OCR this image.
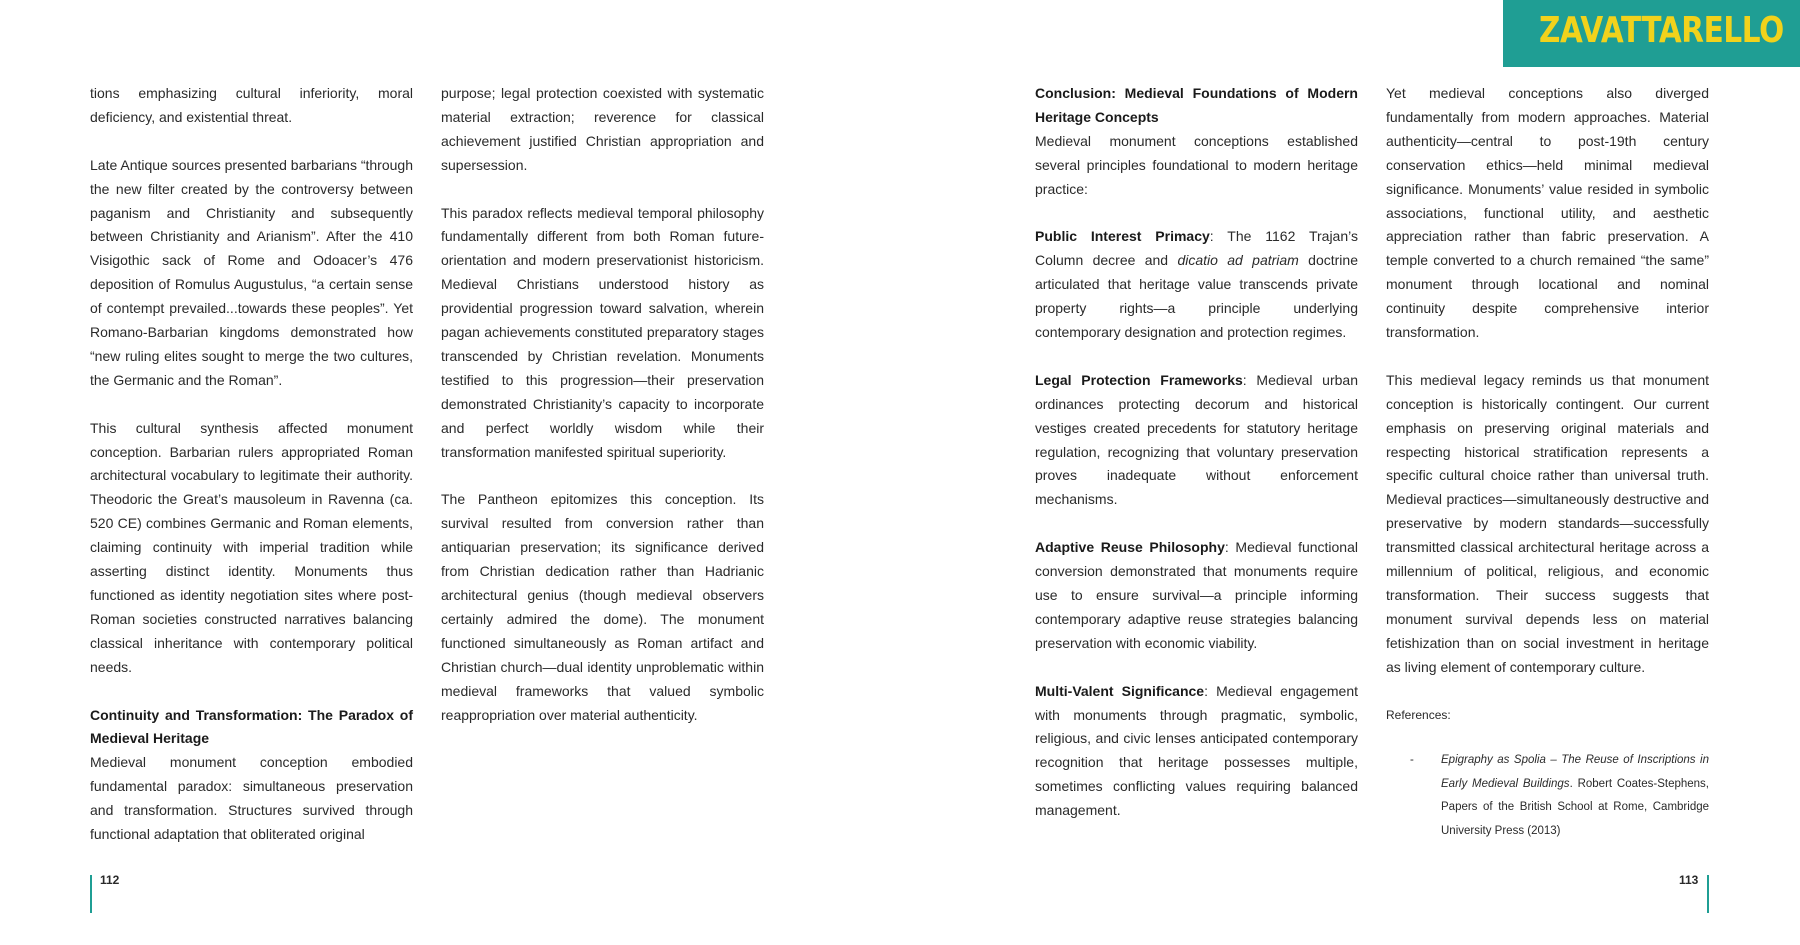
ZAVATTARELLO

tions emphasizing cultural inferiority, moral deficiency, and existential threat.

Late Antique sources presented barbarians “through the new filter created by the controversy between paganism and Christianity and subsequently between Christianity and Arianism”. After the 410 Visigothic sack of Rome and Odoacer’s 476 deposition of Romulus Augustulus, “a certain sense of contempt prevailed...towards these peoples”. Yet Romano-Barbarian kingdoms demonstrated how “new ruling elites sought to merge the two cultures, the Germanic and the Roman”.

This cultural synthesis affected monument conception. Barbarian rulers appropriated Roman architectural vocabulary to legitimate their authority. Theodoric the Great’s mausoleum in Ravenna (ca. 520 CE) combines Germanic and Roman elements, claiming continuity with imperial tradition while asserting distinct identity. Monuments thus functioned as identity negotiation sites where post-Roman societies constructed narratives balancing classical inheritance with contemporary political needs.

Continuity and Transformation: The Paradox of Medieval Heritage

Medieval monument conception embodied fundamental paradox: simultaneous preservation and transformation. Structures survived through functional adaptation that obliterated original

purpose; legal protection coexisted with systematic material extraction; reverence for classical achievement justified Christian appropriation and supersession.

This paradox reflects medieval temporal philosophy fundamentally different from both Roman future-orientation and modern preservationist historicism. Medieval Christians understood history as providential progression toward salvation, wherein pagan achievements constituted preparatory stages transcended by Christian revelation. Monuments testified to this progression—their preservation demonstrated Christianity’s capacity to incorporate and perfect worldly wisdom while their transformation manifested spiritual superiority.

The Pantheon epitomizes this conception. Its survival resulted from conversion rather than antiquarian preservation; its significance derived from Christian dedication rather than Hadrianic architectural genius (though medieval observers certainly admired the dome). The monument functioned simultaneously as Roman artifact and Christian church—dual identity unproblematic within medieval frameworks that valued symbolic reappropriation over material authenticity.

Conclusion: Medieval Foundations of Modern Heritage Concepts

Medieval monument conceptions established several principles foundational to modern heritage practice:

Public Interest Primacy: The 1162 Trajan’s Column decree and dicatio ad patriam doctrine articulated that heritage value transcends private property rights—a principle underlying contemporary designation and protection regimes.

Legal Protection Frameworks: Medieval urban ordinances protecting decorum and historical vestiges created precedents for statutory heritage regulation, recognizing that voluntary preservation proves inadequate without enforcement mechanisms.

Adaptive Reuse Philosophy: Medieval functional conversion demonstrated that monuments require use to ensure survival—a principle informing contemporary adaptive reuse strategies balancing preservation with economic viability.

Multi-Valent Significance: Medieval engagement with monuments through pragmatic, symbolic, religious, and civic lenses anticipated contemporary recognition that heritage possesses multiple, sometimes conflicting values requiring balanced management.

Yet medieval conceptions also diverged fundamentally from modern approaches. Material authenticity—central to post-19th century conservation ethics—held minimal medieval significance. Monuments’ value resided in symbolic associations, functional utility, and aesthetic appreciation rather than fabric preservation. A temple converted to a church remained “the same” monument through locational and nominal continuity despite comprehensive interior transformation.

This medieval legacy reminds us that monument conception is historically contingent. Our current emphasis on preserving original materials and respecting historical stratification represents a specific cultural choice rather than universal truth. Medieval practices—simultaneously destructive and preservative by modern standards—successfully transmitted classical architectural heritage across a millennium of political, religious, and economic transformation. Their success suggests that monument survival depends less on material fetishization than on social investment in heritage as living element of contemporary culture.

References:

- Epigraphy as Spolia – The Reuse of Inscriptions in Early Medieval Buildings. Robert Coates-Stephens, Papers of the British School at Rome, Cambridge University Press (2013)

112	113
